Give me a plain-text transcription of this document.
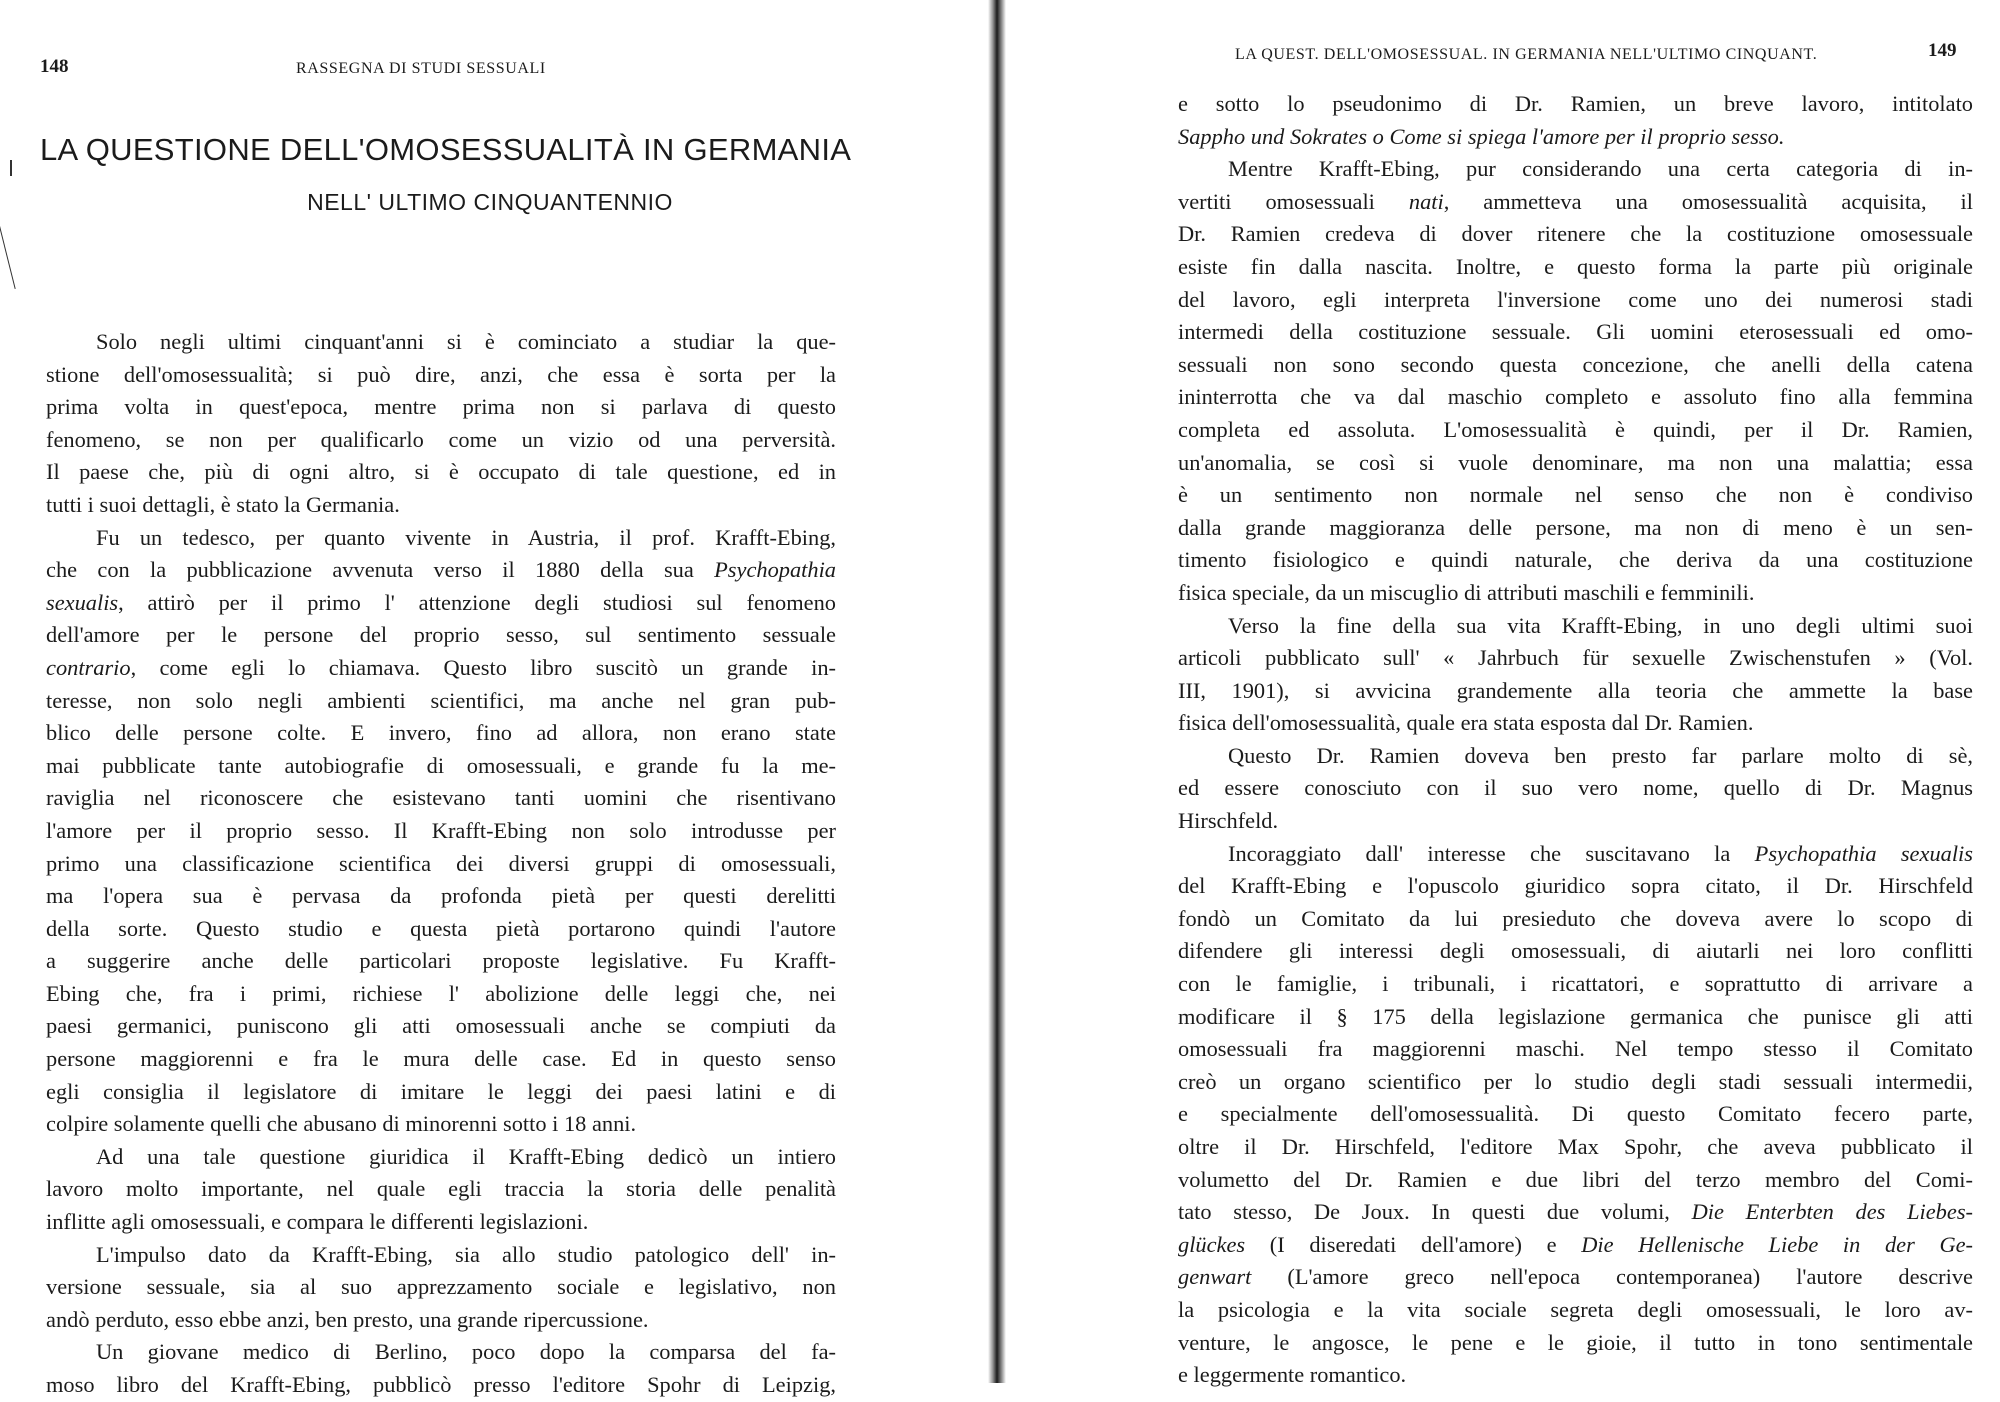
148	RASSEGNA DI STUDI SESSUALI
LA QUESTIONE DELL'OMOSESSUALITÀ IN GERMANIA
NELL' ULTIMO CINQUANTENNIO
Solo negli ultimi cinquant'anni si è cominciato a studiar la que-
stione dell'omosessualità; si può dire, anzi, che essa è sorta per la
prima volta in quest'epoca, mentre prima non si parlava di questo
fenomeno, se non per qualificarlo come un vizio od una perversità.
Il paese che, più di ogni altro, si è occupato di tale questione, ed in
tutti i suoi dettagli, è stato la Germania.
Fu un tedesco, per quanto vivente in Austria, il prof. Krafft-Ebing,
che con la pubblicazione avvenuta verso il 1880 della sua Psychopathia
sexualis, attirò per il primo l' attenzione degli studiosi sul fenomeno
dell'amore per le persone del proprio sesso, sul sentimento sessuale
contrario, come egli lo chiamava. Questo libro suscitò un grande in-
teresse, non solo negli ambienti scientifici, ma anche nel gran pub-
blico delle persone colte. E invero, fino ad allora, non erano state
mai pubblicate tante autobiografie di omosessuali, e grande fu la me-
raviglia nel riconoscere che esistevano tanti uomini che risentivano
l'amore per il proprio sesso. Il Krafft-Ebing non solo introdusse per
primo una classificazione scientifica dei diversi gruppi di omosessuali,
ma l'opera sua è pervasa da profonda pietà per questi derelitti
della sorte. Questo studio e questa pietà portarono quindi l'autore
a suggerire anche delle particolari proposte legislative. Fu Krafft-
Ebing che, fra i primi, richiese l' abolizione delle leggi che, nei
paesi germanici, puniscono gli atti omosessuali anche se compiuti da
persone maggiorenni e fra le mura delle case. Ed in questo senso
egli consiglia il legislatore di imitare le leggi dei paesi latini e di
colpire solamente quelli che abusano di minorenni sotto i 18 anni.
Ad una tale questione giuridica il Krafft-Ebing dedicò un intiero
lavoro molto importante, nel quale egli traccia la storia delle penalità
inflitte agli omosessuali, e compara le differenti legislazioni.
L'impulso dato da Krafft-Ebing, sia allo studio patologico dell' in-
versione sessuale, sia al suo apprezzamento sociale e legislativo, non
andò perduto, esso ebbe anzi, ben presto, una grande ripercussione.
Un giovane medico di Berlino, poco dopo la comparsa del fa-
moso libro del Krafft-Ebing, pubblicò presso l'editore Spohr di Leipzig,
LA QUEST. DELL'OMOSESSUAL. IN GERMANIA NELL'ULTIMO CINQUANT.	149
e sotto lo pseudonimo di Dr. Ramien, un breve lavoro, intitolato
Sappho und Sokrates o Come si spiega l'amore per il proprio sesso.
Mentre Krafft-Ebing, pur considerando una certa categoria di in-
vertiti omosessuali nati, ammetteva una omosessualità acquisita, il
Dr. Ramien credeva di dover ritenere che la costituzione omosessuale
esiste fin dalla nascita. Inoltre, e questo forma la parte più originale
del lavoro, egli interpreta l'inversione come uno dei numerosi stadi
intermedi della costituzione sessuale. Gli uomini eterosessuali ed omo-
sessuali non sono secondo questa concezione, che anelli della catena
ininterrotta che va dal maschio completo e assoluto fino alla femmina
completa ed assoluta. L'omosessualità è quindi, per il Dr. Ramien,
un'anomalia, se così si vuole denominare, ma non una malattia; essa
è un sentimento non normale nel senso che non è condiviso
dalla grande maggioranza delle persone, ma non di meno è un sen-
timento fisiologico e quindi naturale, che deriva da una costituzione
fisica speciale, da un miscuglio di attributi maschili e femminili.
Verso la fine della sua vita Krafft-Ebing, in uno degli ultimi suoi
articoli pubblicato sull' « Jahrbuch für sexuelle Zwischenstufen » (Vol.
III, 1901), si avvicina grandemente alla teoria che ammette la base
fisica dell'omosessualità, quale era stata esposta dal Dr. Ramien.
Questo Dr. Ramien doveva ben presto far parlare molto di sè,
ed essere conosciuto con il suo vero nome, quello di Dr. Magnus
Hirschfeld.
Incoraggiato dall' interesse che suscitavano la Psychopathia sexualis
del Krafft-Ebing e l'opuscolo giuridico sopra citato, il Dr. Hirschfeld
fondò un Comitato da lui presieduto che doveva avere lo scopo di
difendere gli interessi degli omosessuali, di aiutarli nei loro conflitti
con le famiglie, i tribunali, i ricattatori, e soprattutto di arrivare a
modificare il § 175 della legislazione germanica che punisce gli atti
omosessuali fra maggiorenni maschi. Nel tempo stesso il Comitato
creò un organo scientifico per lo studio degli stadi sessuali intermedii,
e specialmente dell'omosessualità. Di questo Comitato fecero parte,
oltre il Dr. Hirschfeld, l'editore Max Spohr, che aveva pubblicato il
volumetto del Dr. Ramien e due libri del terzo membro del Comi-
tato stesso, De Joux. In questi due volumi, Die Enterbten des Liebes-
glückes (I diseredati dell'amore) e Die Hellenische Liebe in der Ge-
genwart (L'amore greco nell'epoca contemporanea) l'autore descrive
la psicologia e la vita sociale segreta degli omosessuali, le loro av-
venture, le angosce, le pene e le gioie, il tutto in tono sentimentale
e leggermente romantico.
